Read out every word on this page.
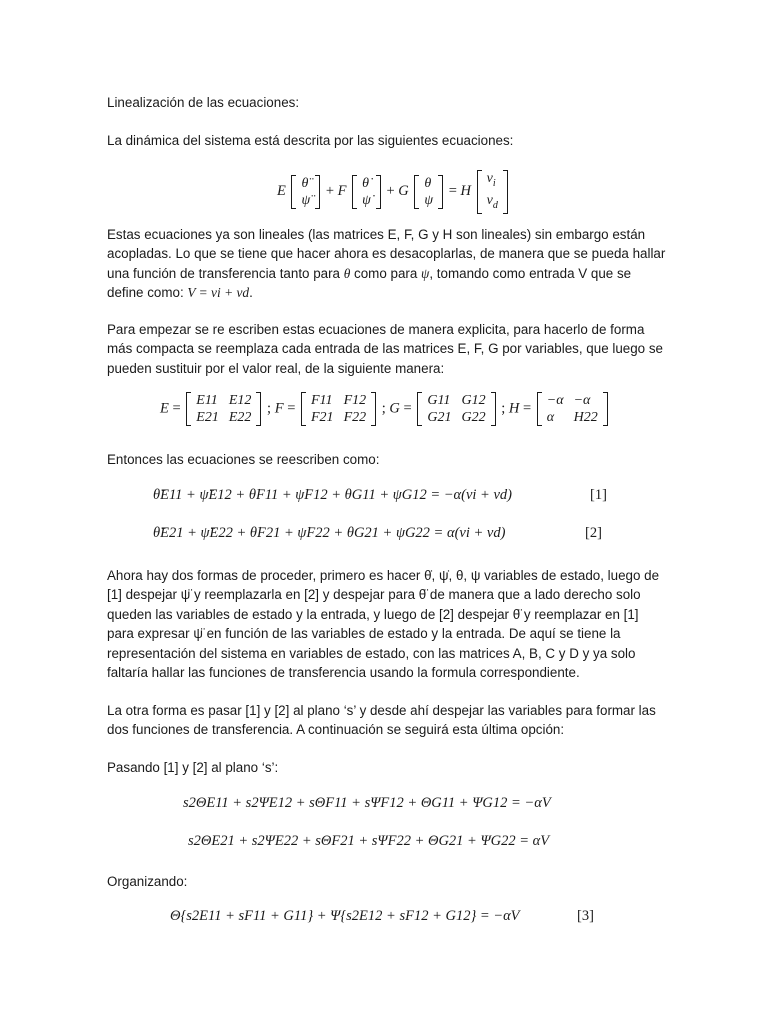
Linealización de las ecuaciones:

La dinámica del sistema está descrita por las siguientes ecuaciones:

E θ̈
ψ̈
+ F θ̇
ψ̇
+ G θ
ψ
= H
$v_i$
$v_d$

Estas ecuaciones ya son lineales (las matrices E, F, G y H son lineales) sin embargo están acopladas. Lo que se tiene que hacer ahora es desacoplarlas, de manera que se pueda hallar una función de transferencia tanto para θ como para ψ, tomando como entrada V que se define como: V = vi + vd.

Para empezar se re escriben estas ecuaciones de manera explicita, para hacerlo de forma más compacta se reemplaza cada entrada de las matrices E, F, G por variables, que luego se pueden sustituir por el valor real, de la siguiente manera:

E = E11	E12
E21	E22
; F = F11	F12
F21	F22
; G = G11	G12
G21	G22
; H = −α	−α
α	H22

Entonces las ecuaciones se reescriben como:

θ̈E11 + ψ̈E12 + θ̇F11 + ψ̇F12 + θG11 + ψG12 = −α(vi + vd)	[1]
θ̈E21 + ψ̈E22 + θ̇F21 + ψ̇F22 + θG21 + ψG22 = α(vi + vd)	[2]

Ahora hay dos formas de proceder, primero es hacer θ̇, ψ̇, θ, ψ variables de estado, luego de [1] despejar ψ̈ y reemplazarla en [2] y despejar para θ̈ de manera que a lado derecho solo queden las variables de estado y la entrada, y luego de [2] despejar θ̈ y reemplazar en [1] para expresar ψ̈ en función de las variables de estado y la entrada. De aquí se tiene la representación del sistema en variables de estado, con las matrices A, B, C y D y ya solo faltaría hallar las funciones de transferencia usando la formula correspondiente.

La otra forma es pasar [1] y [2] al plano ‘s’ y desde ahí despejar las variables para formar las dos funciones de transferencia. A continuación se seguirá esta última opción:

Pasando [1] y [2] al plano ‘s’:

s2ΘE11 + s2ΨE12 + sΘF11 + sΨF12 + ΘG11 + ΨG12 = −αV
s2ΘE21 + s2ΨE22 + sΘF21 + sΨF22 + ΘG21 + ΨG22 = αV

Organizando:

Θ{s2E11 + sF11 + G11} + Ψ{s2E12 + sF12 + G12} = −αV	[3]
